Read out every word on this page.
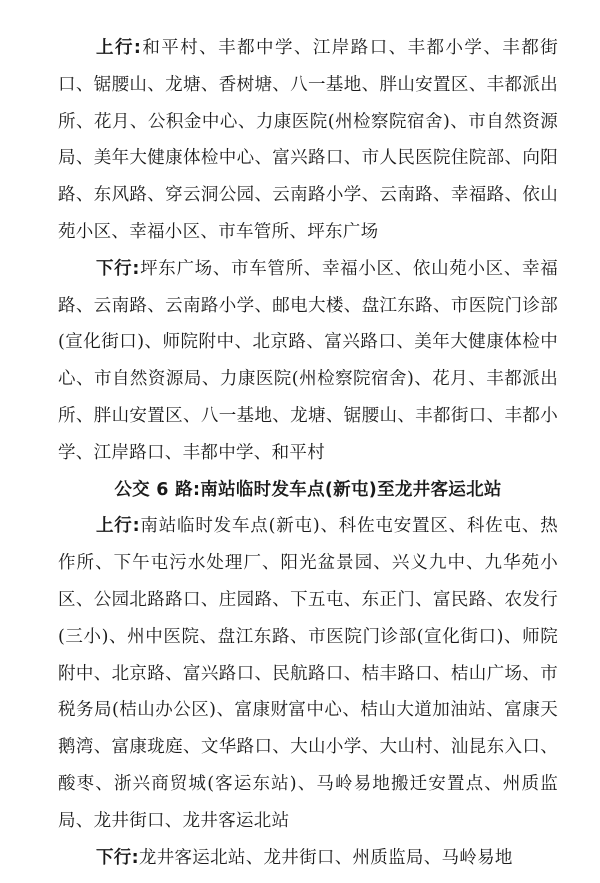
上行:和平村、丰都中学、江岸路口、丰都小学、丰都街口、锯腰山、龙塘、香树塘、八一基地、胖山安置区、丰都派出所、花月、公积金中心、力康医院(州检察院宿舍)、市自然资源局、美年大健康体检中心、富兴路口、市人民医院住院部、向阳路、东风路、穿云洞公园、云南路小学、云南路、幸福路、依山苑小区、幸福小区、市车管所、坪东广场

下行:坪东广场、市车管所、幸福小区、依山苑小区、幸福路、云南路、云南路小学、邮电大楼、盘江东路、市医院门诊部(宣化街口)、师院附中、北京路、富兴路口、美年大健康体检中心、市自然资源局、力康医院(州检察院宿舍)、花月、丰都派出所、胖山安置区、八一基地、龙塘、锯腰山、丰都街口、丰都小学、江岸路口、丰都中学、和平村

公交 6 路:南站临时发车点(新屯)至龙井客运北站

上行:南站临时发车点(新屯)、科佐屯安置区、科佐屯、热作所、下午屯污水处理厂、阳光盆景园、兴义九中、九华苑小区、公园北路路口、庄园路、下五屯、东正门、富民路、农发行(三小)、州中医院、盘江东路、市医院门诊部(宣化街口)、师院附中、北京路、富兴路口、民航路口、桔丰路口、桔山广场、市税务局(桔山办公区)、富康财富中心、桔山大道加油站、富康天鹅湾、富康珑庭、文华路口、大山小学、大山村、汕昆东入口、酸枣、浙兴商贸城(客运东站)、马岭易地搬迁安置点、州质监局、龙井街口、龙井客运北站

下行:龙井客运北站、龙井街口、州质监局、马岭易地
